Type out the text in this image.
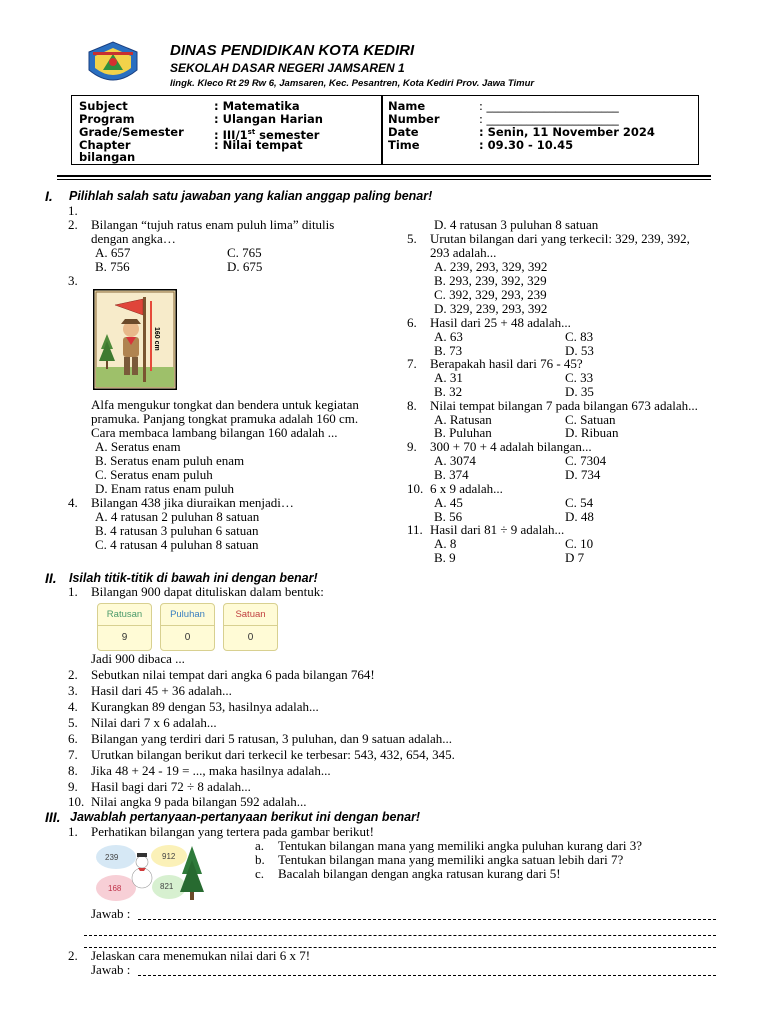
DINAS PENDIDIKAN KOTA KEDIRI
SEKOLAH DASAR NEGERI JAMSAREN 1
lingk. Kleco Rt 29 Rw 6, Jamsaren, Kec. Pesantren, Kota Kediri Prov. Jawa Timur
Subject	: Matematika
Program	: Ulangan Harian
Grade/Semester	: III/1st semester
Chapter	: Nilai tempat
bilangan
Name	: _______________________
Number	: _______________________
Date	: Senin, 11 November 2024
Time	: 09.30 - 10.45
I. Pilihlah salah satu jawaban yang kalian anggap paling benar!
1.
2. Bilangan “tujuh ratus enam puluh lima” ditulis
dengan angka…
A. 657	C. 765
B. 756	D. 675
3.
160 cm
Alfa mengukur tongkat dan bendera untuk kegiatan
pramuka. Panjang tongkat pramuka adalah 160 cm.
Cara membaca lambang bilangan 160 adalah ...
A. Seratus enam
B. Seratus enam puluh enam
C. Seratus enam puluh
D. Enam ratus enam puluh
4. Bilangan 438 jika diuraikan menjadi…
A. 4 ratusan 2 puluhan 8 satuan
B. 4 ratusan 3 puluhan 6 satuan
C. 4 ratusan 4 puluhan 8 satuan
D. 4 ratusan 3 puluhan 8 satuan
5. Urutan bilangan dari yang terkecil: 329, 239, 392,
293 adalah...
A. 239, 293, 329, 392
B. 293, 239, 392, 329
C. 392, 329, 293, 239
D. 329, 239, 293, 392
6. Hasil dari 25 + 48 adalah...
A. 63	C. 83
B. 73	D. 53
7. Berapakah hasil dari 76 - 45?
A. 31	C. 33
B. 32	D. 35
8. Nilai tempat bilangan 7 pada bilangan 673 adalah...
A. Ratusan	C. Satuan
B. Puluhan	D. Ribuan
9. 300 + 70 + 4 adalah bilangan...
A. 3074	C. 7304
B. 374	D. 734
10. 6 x 9 adalah...
A. 45	C. 54
B. 56	D. 48
11. Hasil dari 81 ÷ 9 adalah...
A. 8	C. 10
B. 9	D 7
II. Isilah titik-titik di bawah ini dengan benar!
1. Bilangan 900 dapat dituliskan dalam bentuk:
Ratusan
9
Puluhan
0
Satuan
0
Jadi 900 dibaca ...
2. Sebutkan nilai tempat dari angka 6 pada bilangan 764!
3. Hasil dari 45 + 36 adalah...
4. Kurangkan 89 dengan 53, hasilnya adalah...
5. Nilai dari 7 x 6 adalah...
6. Bilangan yang terdiri dari 5 ratusan, 3 puluhan, dan 9 satuan adalah...
7. Urutkan bilangan berikut dari terkecil ke terbesar: 543, 432, 654, 345.
8. Jika 48 + 24 - 19 = ..., maka hasilnya adalah...
9. Hasil bagi dari 72 ÷ 8 adalah...
10. Nilai angka 9 pada bilangan 592 adalah...
III. Jawablah pertanyaan-pertanyaan berikut ini dengan benar!
1. Perhatikan bilangan yang tertera pada gambar berikut!
239	912
168	821
a. Tentukan bilangan mana yang memiliki angka puluhan kurang dari 3?
b. Tentukan bilangan mana yang memiliki angka satuan lebih dari 7?
c. Bacalah bilangan dengan angka ratusan kurang dari 5!
Jawab :
2. Jelaskan cara menemukan nilai dari 6 x 7!
Jawab :
